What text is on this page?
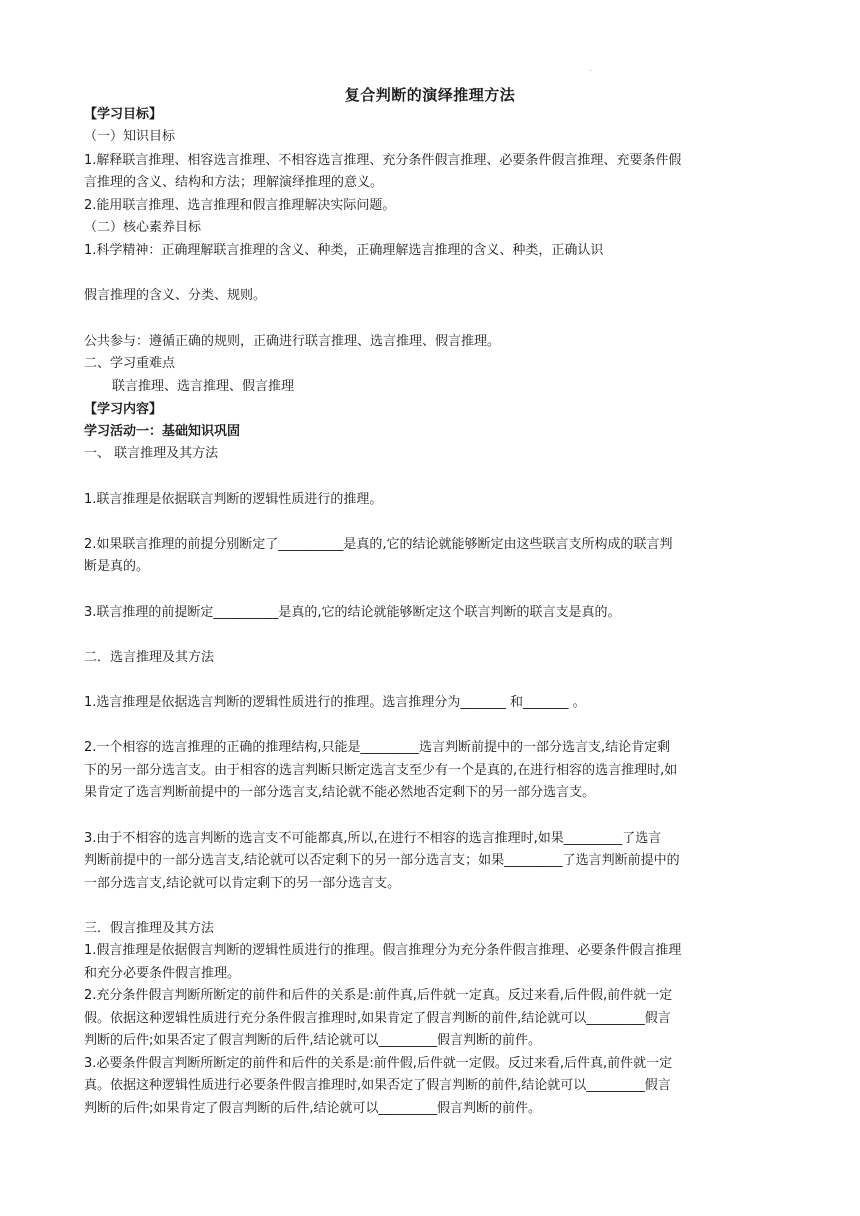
.
复合判断的演绎推理方法
【学习目标】
（一）知识目标
1.解释联言推理、相容选言推理、不相容选言推理、充分条件假言推理、必要条件假言推理、充要条件假
言推理的含义、结构和方法；理解演绎推理的意义。
2.能用联言推理、选言推理和假言推理解决实际问题。
（二）核心素养目标
1.科学精神：正确理解联言推理的含义、种类，正确理解选言推理的含义、种类，正确认识
假言推理的含义、分类、规则。
公共参与：遵循正确的规则，正确进行联言推理、选言推理、假言推理。
二、学习重难点
联言推理、选言推理、假言推理
【学习内容】
学习活动一：基础知识巩固
一、 联言推理及其方法
1.联言推理是依据联言判断的逻辑性质进行的推理。
2.如果联言推理的前提分别断定了__________是真的,它的结论就能够断定由这些联言支所构成的联言判
断是真的。
3.联言推理的前提断定__________是真的,它的结论就能够断定这个联言判断的联言支是真的。
二．选言推理及其方法
1.选言推理是依据选言判断的逻辑性质进行的推理。选言推理分为_______ 和_______ 。
2.一个相容的选言推理的正确的推理结构,只能是_________选言判断前提中的一部分选言支,结论肯定剩
下的另一部分选言支。由于相容的选言判断只断定选言支至少有一个是真的,在进行相容的选言推理时,如
果肯定了选言判断前提中的一部分选言支,结论就不能必然地否定剩下的另一部分选言支。
3.由于不相容的选言判断的选言支不可能都真,所以,在进行不相容的选言推理时,如果_________了选言
判断前提中的一部分选言支,结论就可以否定剩下的另一部分选言支；如果_________了选言判断前提中的
一部分选言支,结论就可以肯定剩下的另一部分选言支。
三．假言推理及其方法
1.假言推理是依据假言判断的逻辑性质进行的推理。假言推理分为充分条件假言推理、必要条件假言推理
和充分必要条件假言推理。
2.充分条件假言判断所断定的前件和后件的关系是:前件真,后件就一定真。反过来看,后件假,前件就一定
假。依据这种逻辑性质进行充分条件假言推理时,如果肯定了假言判断的前件,结论就可以_________假言
判断的后件;如果否定了假言判断的后件,结论就可以_________假言判断的前件。
3.必要条件假言判断所断定的前件和后件的关系是:前件假,后件就一定假。反过来看,后件真,前件就一定
真。依据这种逻辑性质进行必要条件假言推理时,如果否定了假言判断的前件,结论就可以_________假言
判断的后件;如果肯定了假言判断的后件,结论就可以_________假言判断的前件。
